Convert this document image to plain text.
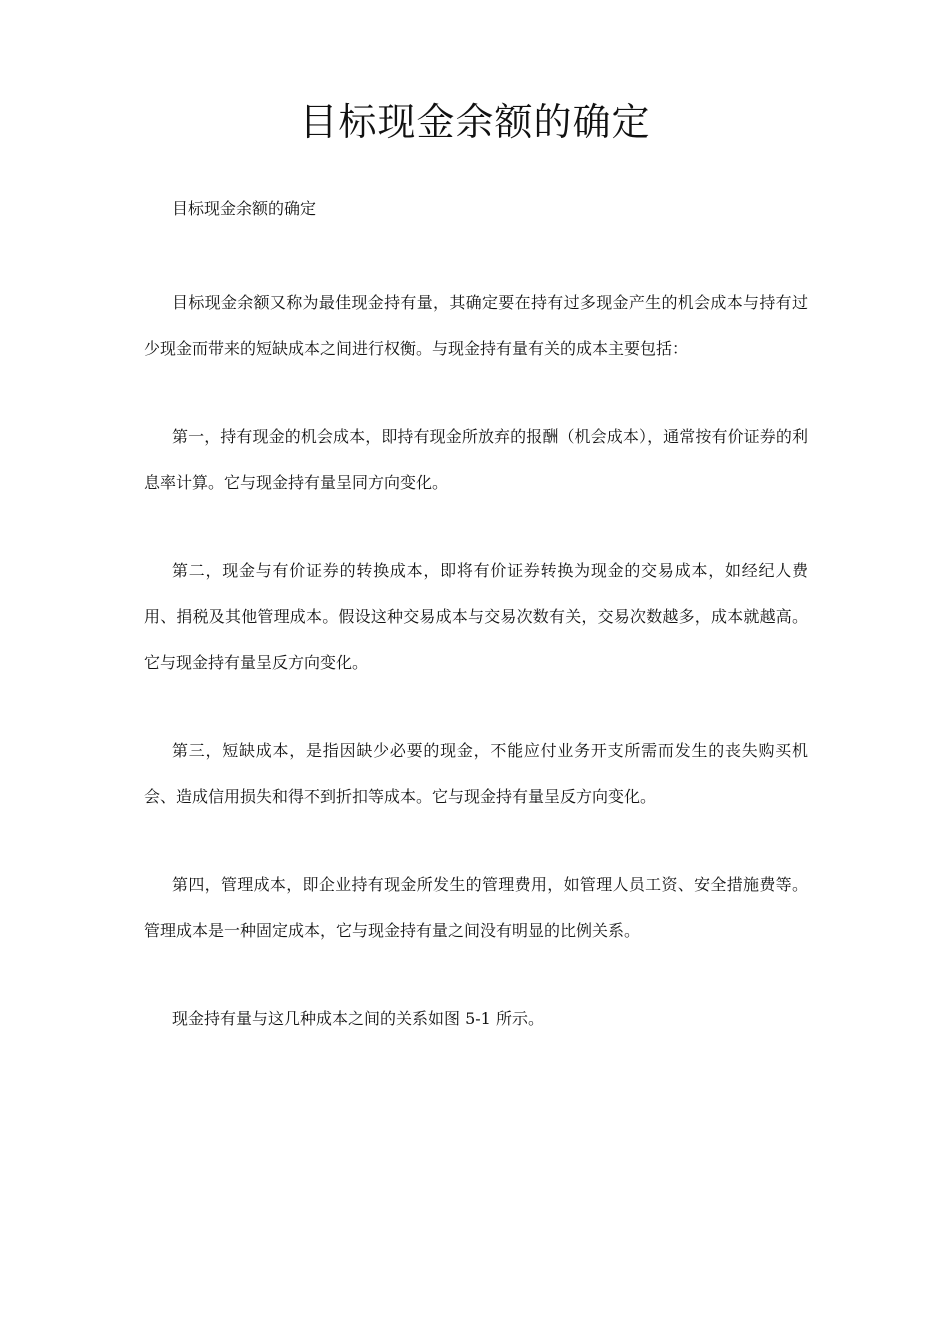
目标现金余额的确定

目标现金余额的确定

目标现金余额又称为最佳现金持有量，其确定要在持有过多现金产生的机会成本与持有过少现金而带来的短缺成本之间进行权衡。与现金持有量有关的成本主要包括：

第一，持有现金的机会成本，即持有现金所放弃的报酬（机会成本），通常按有价证券的利息率计算。它与现金持有量呈同方向变化。

第二，现金与有价证券的转换成本，即将有价证券转换为现金的交易成本，如经纪人费用、捐税及其他管理成本。假设这种交易成本与交易次数有关，交易次数越多，成本就越高。它与现金持有量呈反方向变化。

第三，短缺成本，是指因缺少必要的现金，不能应付业务开支所需而发生的丧失购买机会、造成信用损失和得不到折扣等成本。它与现金持有量呈反方向变化。

第四，管理成本，即企业持有现金所发生的管理费用，如管理人员工资、安全措施费等。管理成本是一种固定成本，它与现金持有量之间没有明显的比例关系。

现金持有量与这几种成本之间的关系如图 5-1 所示。
